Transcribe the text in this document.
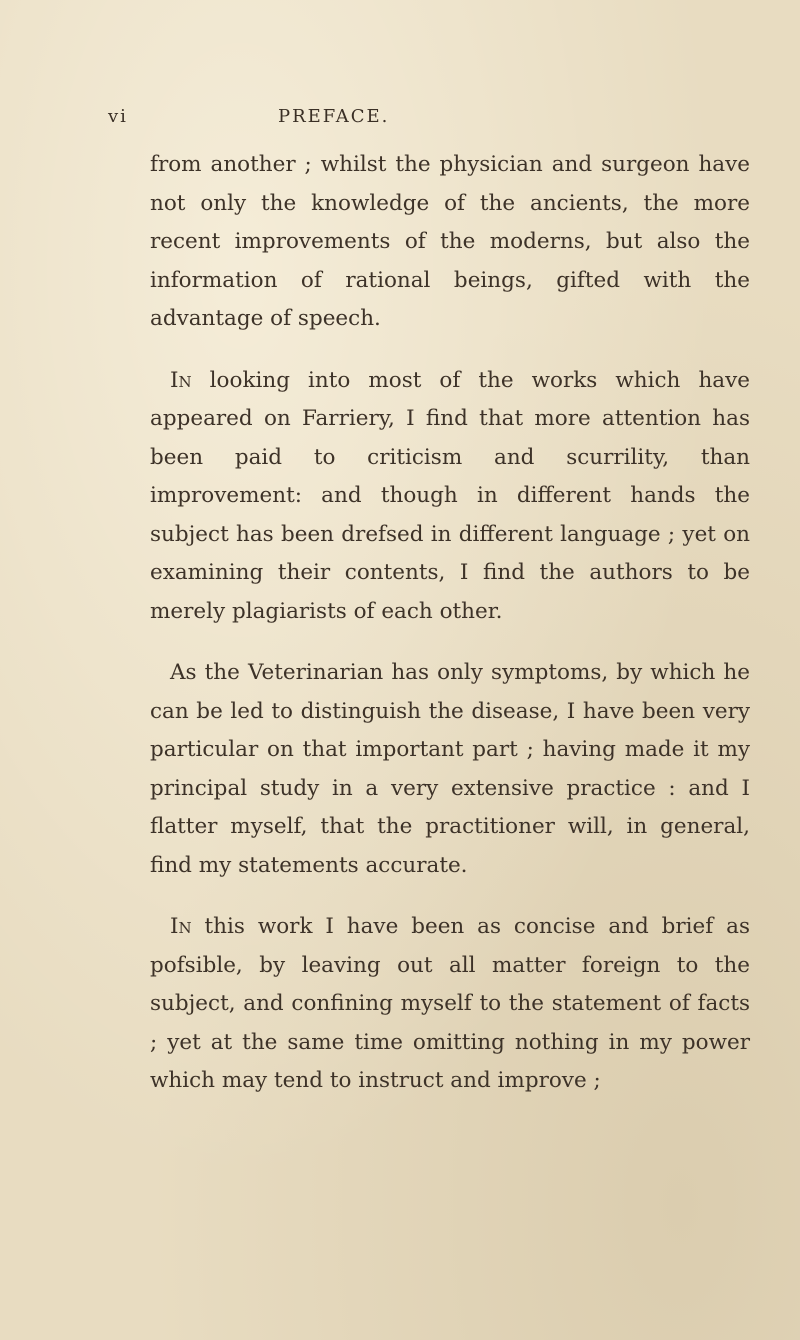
vi	PREFACE.

from another ; whilst the physician and surgeon have not only the knowledge of the ancients, the more recent improvements of the moderns, but also the information of rational beings, gifted with the advantage of speech.

In looking into most of the works which have appeared on Farriery, I find that more attention has been paid to criticism and scurrility, than improvement: and though in different hands the subject has been drefsed in different language ; yet on examining their contents, I find the authors to be merely plagiarists of each other.

As the Veterinarian has only symptoms, by which he can be led to distinguish the disease, I have been very particular on that important part ; having made it my principal study in a very extensive practice : and I flatter myself, that the practitioner will, in general, find my statements accurate.

In this work I have been as concise and brief as pofsible, by leaving out all matter foreign to the subject, and confining myself to the statement of facts ; yet at the same time omitting nothing in my power which may tend to instruct and improve ;
